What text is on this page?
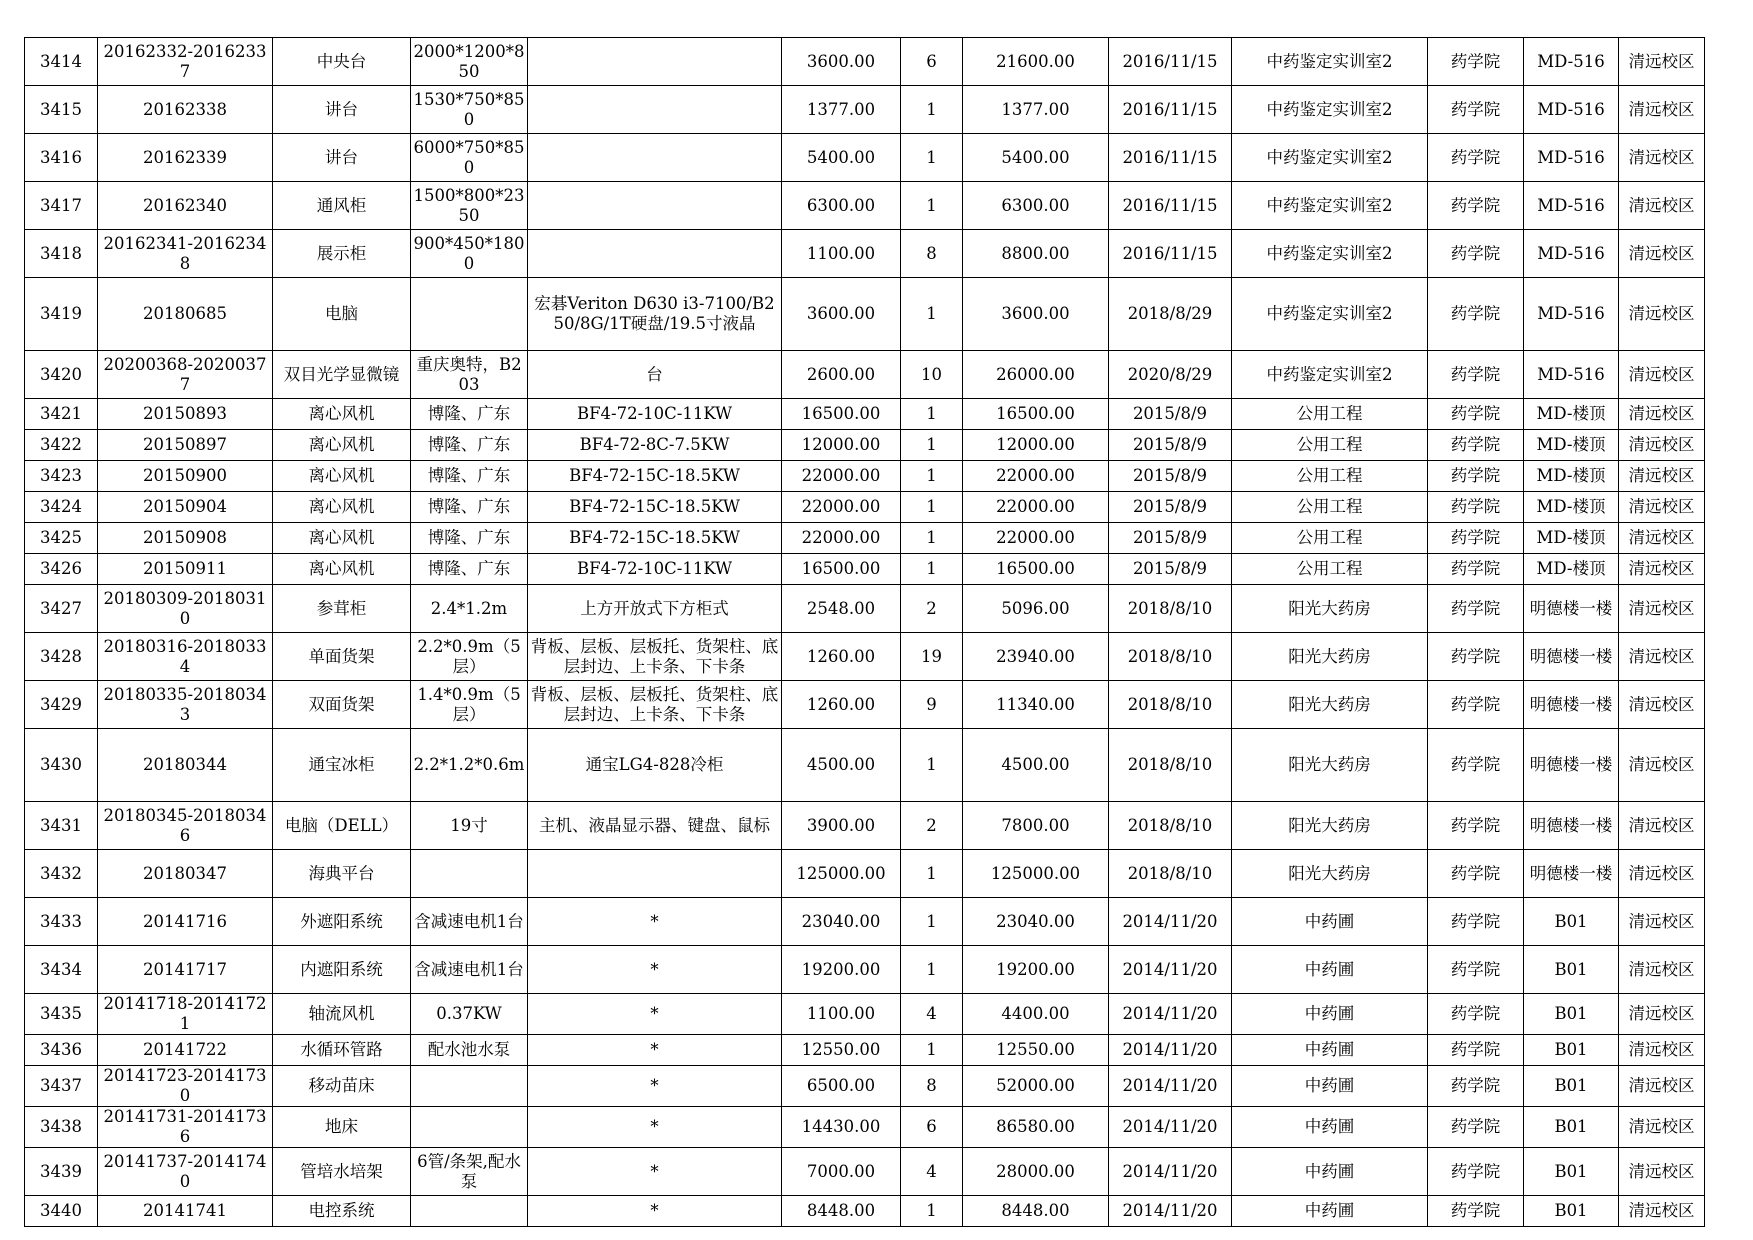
3414	20162332-20162337	中央台	2000*1200*850		3600.00	6	21600.00	2016/11/15	中药鉴定实训室2	药学院	MD-516	清远校区
3415	20162338	讲台	1530*750*850		1377.00	1	1377.00	2016/11/15	中药鉴定实训室2	药学院	MD-516	清远校区
3416	20162339	讲台	6000*750*850		5400.00	1	5400.00	2016/11/15	中药鉴定实训室2	药学院	MD-516	清远校区
3417	20162340	通风柜	1500*800*2350		6300.00	1	6300.00	2016/11/15	中药鉴定实训室2	药学院	MD-516	清远校区
3418	20162341-20162348	展示柜	900*450*1800		1100.00	8	8800.00	2016/11/15	中药鉴定实训室2	药学院	MD-516	清远校区
3419	20180685	电脑		宏碁Veriton D630 i3-7100/B250/8G/1T硬盘/19.5寸液晶	3600.00	1	3600.00	2018/8/29	中药鉴定实训室2	药学院	MD-516	清远校区
3420	20200368-20200377	双目光学显微镜	重庆奥特，B203	台	2600.00	10	26000.00	2020/8/29	中药鉴定实训室2	药学院	MD-516	清远校区
3421	20150893	离心风机	博隆、广东	BF4-72-10C-11KW	16500.00	1	16500.00	2015/8/9	公用工程	药学院	MD-楼顶	清远校区
3422	20150897	离心风机	博隆、广东	BF4-72-8C-7.5KW	12000.00	1	12000.00	2015/8/9	公用工程	药学院	MD-楼顶	清远校区
3423	20150900	离心风机	博隆、广东	BF4-72-15C-18.5KW	22000.00	1	22000.00	2015/8/9	公用工程	药学院	MD-楼顶	清远校区
3424	20150904	离心风机	博隆、广东	BF4-72-15C-18.5KW	22000.00	1	22000.00	2015/8/9	公用工程	药学院	MD-楼顶	清远校区
3425	20150908	离心风机	博隆、广东	BF4-72-15C-18.5KW	22000.00	1	22000.00	2015/8/9	公用工程	药学院	MD-楼顶	清远校区
3426	20150911	离心风机	博隆、广东	BF4-72-10C-11KW	16500.00	1	16500.00	2015/8/9	公用工程	药学院	MD-楼顶	清远校区
3427	20180309-20180310	参茸柜	2.4*1.2m	上方开放式下方柜式	2548.00	2	5096.00	2018/8/10	阳光大药房	药学院	明德楼一楼	清远校区
3428	20180316-20180334	单面货架	2.2*0.9m（5层）	背板、层板、层板托、货架柱、底层封边、上卡条、下卡条	1260.00	19	23940.00	2018/8/10	阳光大药房	药学院	明德楼一楼	清远校区
3429	20180335-20180343	双面货架	1.4*0.9m（5层）	背板、层板、层板托、货架柱、底层封边、上卡条、下卡条	1260.00	9	11340.00	2018/8/10	阳光大药房	药学院	明德楼一楼	清远校区
3430	20180344	通宝冰柜	2.2*1.2*0.6m	通宝LG4-828冷柜	4500.00	1	4500.00	2018/8/10	阳光大药房	药学院	明德楼一楼	清远校区
3431	20180345-20180346	电脑（DELL）	19寸	主机、液晶显示器、键盘、鼠标	3900.00	2	7800.00	2018/8/10	阳光大药房	药学院	明德楼一楼	清远校区
3432	20180347	海典平台			125000.00	1	125000.00	2018/8/10	阳光大药房	药学院	明德楼一楼	清远校区
3433	20141716	外遮阳系统	含减速电机1台	*	23040.00	1	23040.00	2014/11/20	中药圃	药学院	B01	清远校区
3434	20141717	内遮阳系统	含减速电机1台	*	19200.00	1	19200.00	2014/11/20	中药圃	药学院	B01	清远校区
3435	20141718-20141721	轴流风机	0.37KW	*	1100.00	4	4400.00	2014/11/20	中药圃	药学院	B01	清远校区
3436	20141722	水循环管路	配水池水泵	*	12550.00	1	12550.00	2014/11/20	中药圃	药学院	B01	清远校区
3437	20141723-20141730	移动苗床		*	6500.00	8	52000.00	2014/11/20	中药圃	药学院	B01	清远校区
3438	20141731-20141736	地床		*	14430.00	6	86580.00	2014/11/20	中药圃	药学院	B01	清远校区
3439	20141737-20141740	管培水培架	6管/条架,配水泵	*	7000.00	4	28000.00	2014/11/20	中药圃	药学院	B01	清远校区
3440	20141741	电控系统		*	8448.00	1	8448.00	2014/11/20	中药圃	药学院	B01	清远校区
